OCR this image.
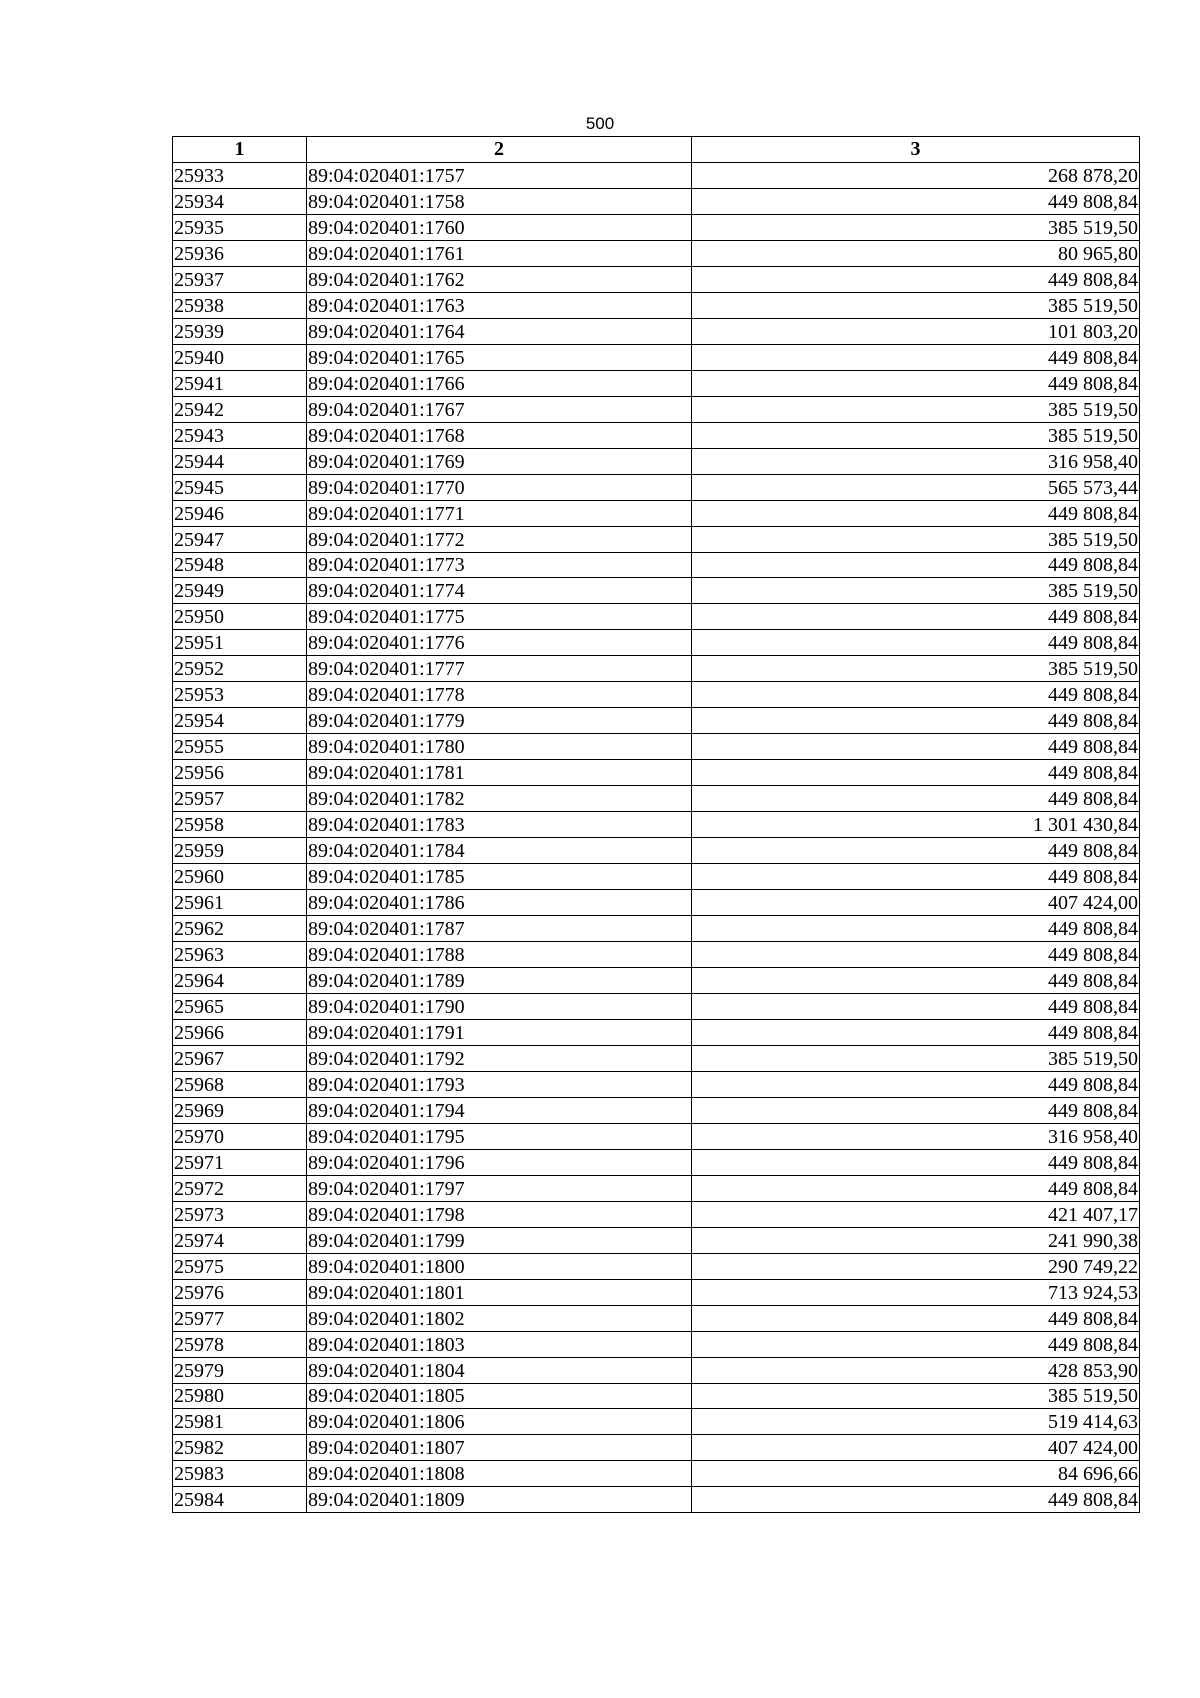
500
1	2	3
25933	89:04:020401:1757	268 878,20
25934	89:04:020401:1758	449 808,84
25935	89:04:020401:1760	385 519,50
25936	89:04:020401:1761	80 965,80
25937	89:04:020401:1762	449 808,84
25938	89:04:020401:1763	385 519,50
25939	89:04:020401:1764	101 803,20
25940	89:04:020401:1765	449 808,84
25941	89:04:020401:1766	449 808,84
25942	89:04:020401:1767	385 519,50
25943	89:04:020401:1768	385 519,50
25944	89:04:020401:1769	316 958,40
25945	89:04:020401:1770	565 573,44
25946	89:04:020401:1771	449 808,84
25947	89:04:020401:1772	385 519,50
25948	89:04:020401:1773	449 808,84
25949	89:04:020401:1774	385 519,50
25950	89:04:020401:1775	449 808,84
25951	89:04:020401:1776	449 808,84
25952	89:04:020401:1777	385 519,50
25953	89:04:020401:1778	449 808,84
25954	89:04:020401:1779	449 808,84
25955	89:04:020401:1780	449 808,84
25956	89:04:020401:1781	449 808,84
25957	89:04:020401:1782	449 808,84
25958	89:04:020401:1783	1 301 430,84
25959	89:04:020401:1784	449 808,84
25960	89:04:020401:1785	449 808,84
25961	89:04:020401:1786	407 424,00
25962	89:04:020401:1787	449 808,84
25963	89:04:020401:1788	449 808,84
25964	89:04:020401:1789	449 808,84
25965	89:04:020401:1790	449 808,84
25966	89:04:020401:1791	449 808,84
25967	89:04:020401:1792	385 519,50
25968	89:04:020401:1793	449 808,84
25969	89:04:020401:1794	449 808,84
25970	89:04:020401:1795	316 958,40
25971	89:04:020401:1796	449 808,84
25972	89:04:020401:1797	449 808,84
25973	89:04:020401:1798	421 407,17
25974	89:04:020401:1799	241 990,38
25975	89:04:020401:1800	290 749,22
25976	89:04:020401:1801	713 924,53
25977	89:04:020401:1802	449 808,84
25978	89:04:020401:1803	449 808,84
25979	89:04:020401:1804	428 853,90
25980	89:04:020401:1805	385 519,50
25981	89:04:020401:1806	519 414,63
25982	89:04:020401:1807	407 424,00
25983	89:04:020401:1808	84 696,66
25984	89:04:020401:1809	449 808,84
